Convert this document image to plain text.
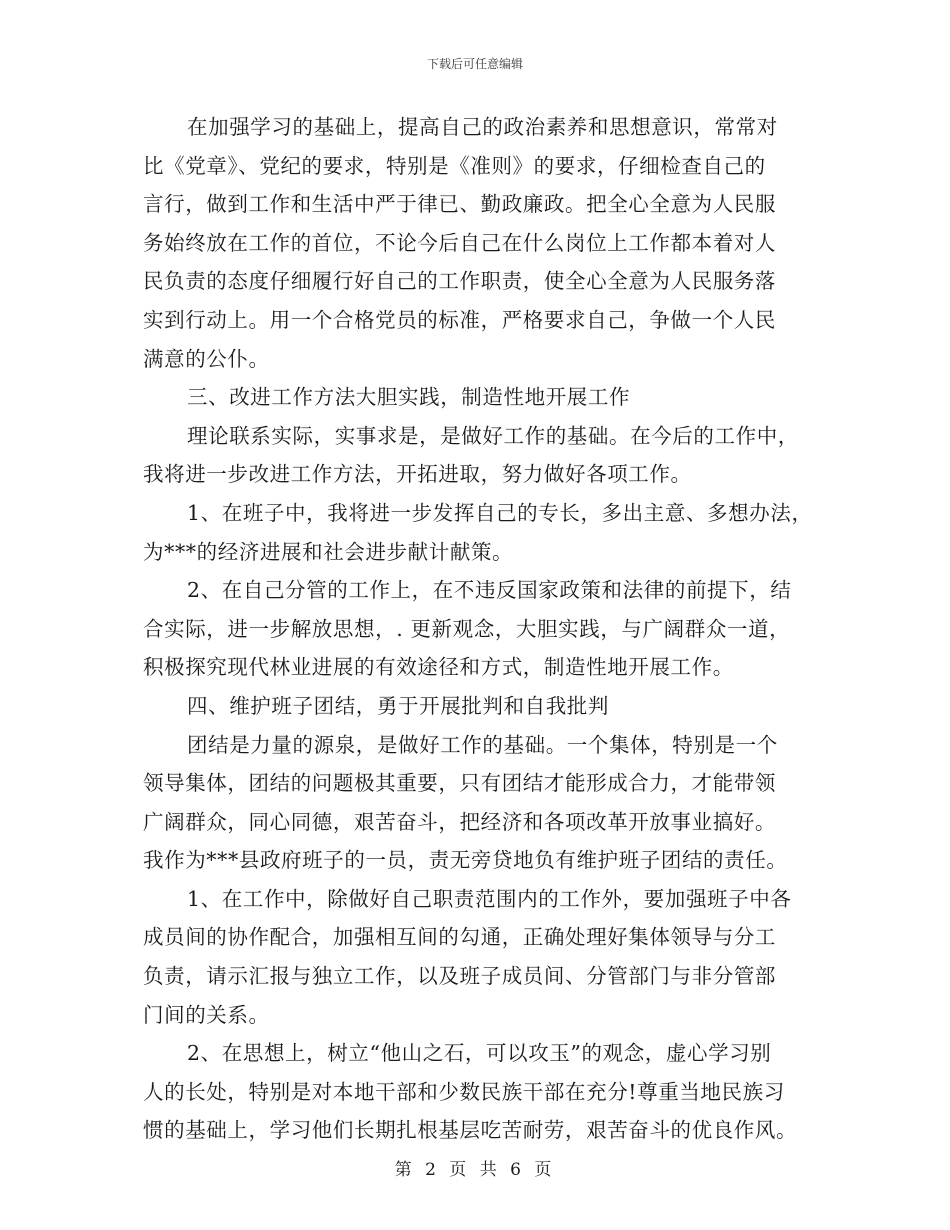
下载后可任意编辑
在加强学习的基础上，提高自己的政治素养和思想意识，常常对
比《党章》、党纪的要求，特别是《准则》的要求，仔细检查自己的
言行，做到工作和生活中严于律已、勤政廉政。把全心全意为人民服
务始终放在工作的首位，不论今后自己在什么岗位上工作都本着对人
民负责的态度仔细履行好自己的工作职责，使全心全意为人民服务落
实到行动上。用一个合格党员的标准，严格要求自己，争做一个人民
满意的公仆。
三、改进工作方法大胆实践，制造性地开展工作
理论联系实际，实事求是，是做好工作的基础。在今后的工作中，
我将进一步改进工作方法，开拓进取，努力做好各项工作。
1、在班子中，我将进一步发挥自己的专长，多出主意、多想办法，
为***的经济进展和社会进步献计献策。
2、在自己分管的工作上，在不违反国家政策和法律的前提下，结
合实际，进一步解放思想，. 更新观念，大胆实践，与广阔群众一道，
积极探究现代林业进展的有效途径和方式，制造性地开展工作。
四、维护班子团结，勇于开展批判和自我批判
团结是力量的源泉，是做好工作的基础。一个集体，特别是一个
领导集体，团结的问题极其重要，只有团结才能形成合力，才能带领
广阔群众，同心同德，艰苦奋斗，把经济和各项改革开放事业搞好。
我作为***县政府班子的一员，责无旁贷地负有维护班子团结的责任。
1、在工作中，除做好自己职责范围内的工作外，要加强班子中各
成员间的协作配合，加强相互间的勾通，正确处理好集体领导与分工
负责，请示汇报与独立工作，以及班子成员间、分管部门与非分管部
门间的关系。
2、在思想上，树立“他山之石，可以攻玉”的观念，虚心学习别
人的长处，特别是对本地干部和少数民族干部在充分!尊重当地民族习
惯的基础上，学习他们长期扎根基层吃苦耐劳，艰苦奋斗的优良作风。
第 2 页 共 6 页
